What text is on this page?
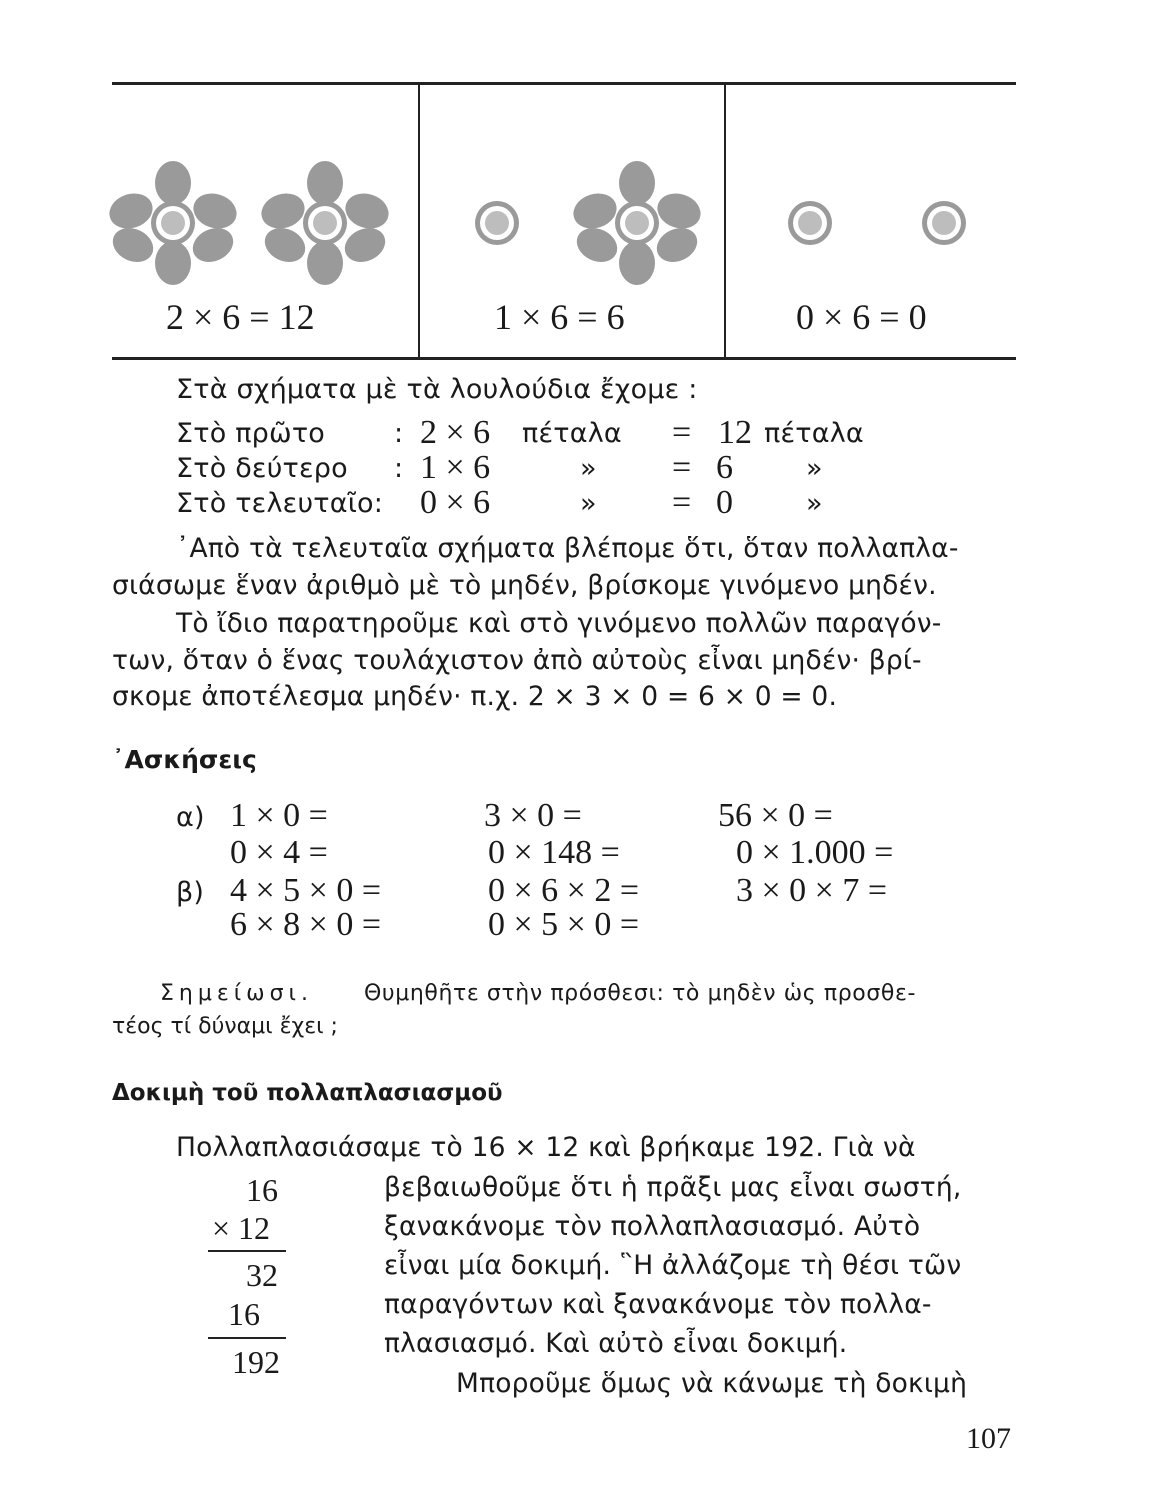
2 × 6 = 12	1 × 6 = 6	0 × 6 = 0
Στὰ σχήματα μὲ τὰ λουλούδια ἔχομε :
Στὸ πρῶτο	: 2 × 6 πέταλα = 12 πέταλα
Στὸ δεύτερο : 1 × 6	» = 6	»
Στὸ τελευταῖο: 0 × 6	» = 0	»
᾽Απὸ τὰ τελευταῖα σχήματα βλέπομε ὅτι, ὅταν πολλαπλα-
σιάσωμε ἕναν ἀριθμὸ μὲ τὸ μηδέν, βρίσκομε γινόμενο μηδέν.
Τὸ ἴδιο παρατηροῦμε καὶ στὸ γινόμενο πολλῶν παραγόν-
των, ὅταν ὁ ἕνας τουλάχιστον ἀπὸ αὐτοὺς εἶναι μηδέν· βρί-
σκομε ἀποτέλεσμα μηδέν· π.χ. 2 × 3 × 0 = 6 × 0 = 0.
᾽Ασκήσεις
α) 1 × 0 =	3 × 0 =	56 × 0 =
0 × 4 =	0 × 148 =	0 × 1.000 =
β) 4 × 5 × 0 =	0 × 6 × 2 =	3 × 0 × 7 =
6 × 8 × 0 =	0 × 5 × 0 =
Σημείωσι. Θυμηθῆτε στὴν πρόσθεσι: τὸ μηδὲν ὡς προσθε-
τέος τί δύναμι ἔχει ;
Δοκιμὴ τοῦ πολλαπλασιασμοῦ
Πολλαπλασιάσαμε τὸ 16 × 12 καὶ βρήκαμε 192. Γιὰ νὰ
βεβαιωθοῦμε ὅτι ἡ πρᾶξι μας εἶναι σωστή,
ξανακάνομε τὸν πολλαπλασιασμό. Αὐτὸ
εἶναι μία δοκιμή. ῝Η ἀλλάζομε τὴ θέσι τῶν
παραγόντων καὶ ξανακάνομε τὸν πολλα-
πλασιασμό. Καὶ αὐτὸ εἶναι δοκιμή.
Μποροῦμε ὅμως νὰ κάνωμε τὴ δοκιμὴ
16
× 12
32
16
192
107
